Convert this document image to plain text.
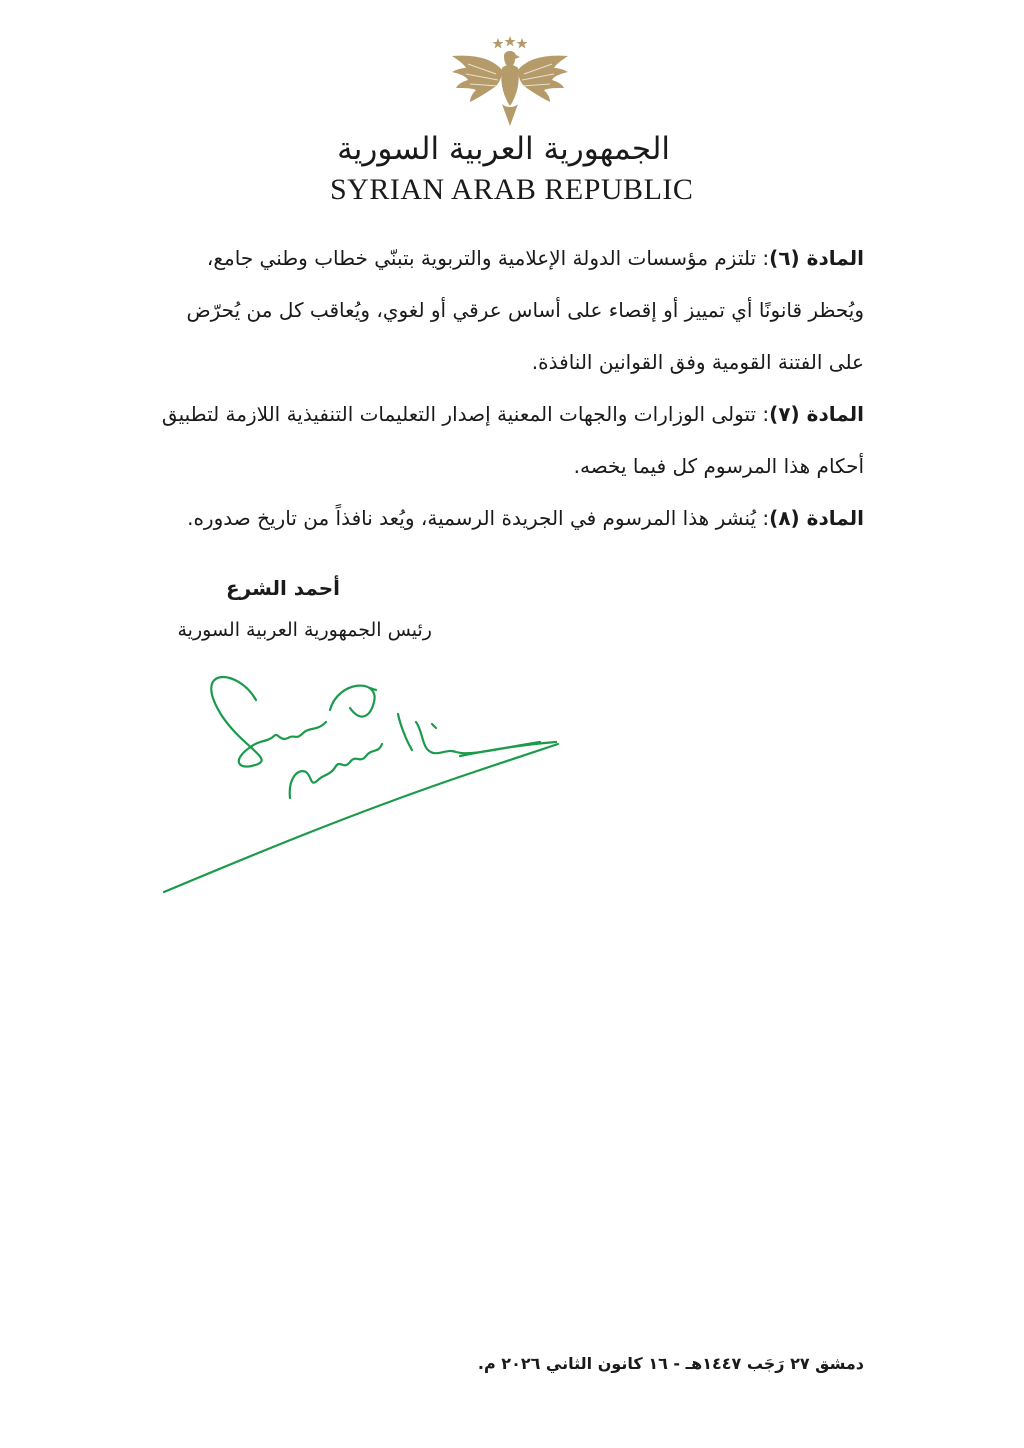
الجمهورية العربية السورية
SYRIAN ARAB REPUBLIC

المادة (٦): تلتزم مؤسسات الدولة الإعلامية والتربوية بتبنّي خطاب وطني جامع، ويُحظر قانونًا أي تمييز أو إقصاء على أساس عرقي أو لغوي، ويُعاقب كل من يُحرّض على الفتنة القومية وفق القوانين النافذة.

المادة (٧): تتولى الوزارات والجهات المعنية إصدار التعليمات التنفيذية اللازمة لتطبيق أحكام هذا المرسوم كل فيما يخصه.

المادة (٨): يُنشر هذا المرسوم في الجريدة الرسمية، ويُعد نافذاً من تاريخ صدوره.

أحمد الشرع
رئيس الجمهورية العربية السورية
دمشق ٢٧ رَجَب ١٤٤٧هـ - ١٦ كانون الثاني ٢٠٢٦ م.
